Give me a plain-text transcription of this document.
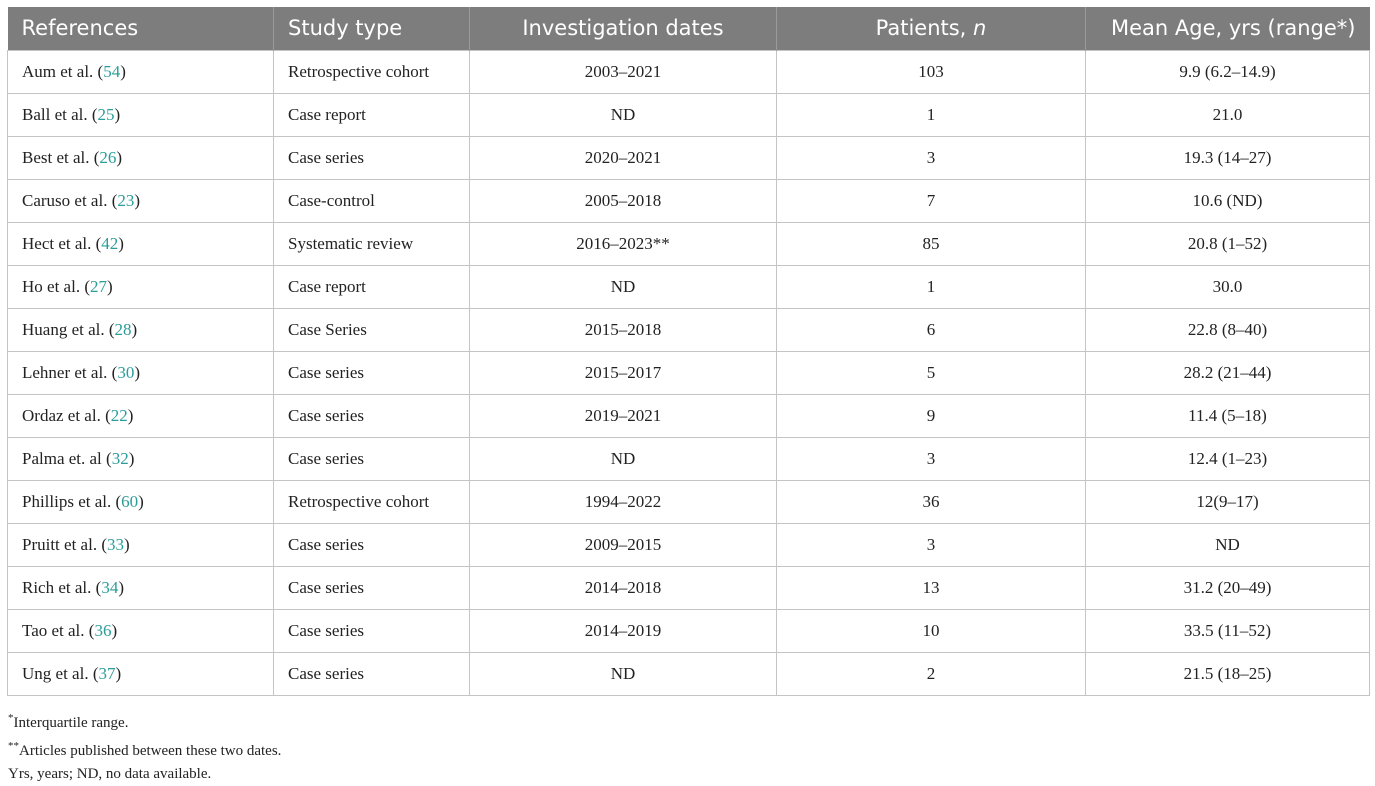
References	Study type	Investigation dates	Patients, n	Mean Age, yrs (range*)
Aum et al. (54)	Retrospective cohort	2003–2021	103	9.9 (6.2–14.9)
Ball et al. (25)	Case report	ND	1	21.0
Best et al. (26)	Case series	2020–2021	3	19.3 (14–27)
Caruso et al. (23)	Case-control	2005–2018	7	10.6 (ND)
Hect et al. (42)	Systematic review	2016–2023**	85	20.8 (1–52)
Ho et al. (27)	Case report	ND	1	30.0
Huang et al. (28)	Case Series	2015–2018	6	22.8 (8–40)
Lehner et al. (30)	Case series	2015–2017	5	28.2 (21–44)
Ordaz et al. (22)	Case series	2019–2021	9	11.4 (5–18)
Palma et. al (32)	Case series	ND	3	12.4 (1–23)
Phillips et al. (60)	Retrospective cohort	1994–2022	36	12(9–17)
Pruitt et al. (33)	Case series	2009–2015	3	ND
Rich et al. (34)	Case series	2014–2018	13	31.2 (20–49)
Tao et al. (36)	Case series	2014–2019	10	33.5 (11–52)
Ung et al. (37)	Case series	ND	2	21.5 (18–25)
*Interquartile range.
**Articles published between these two dates.
Yrs, years; ND, no data available.
